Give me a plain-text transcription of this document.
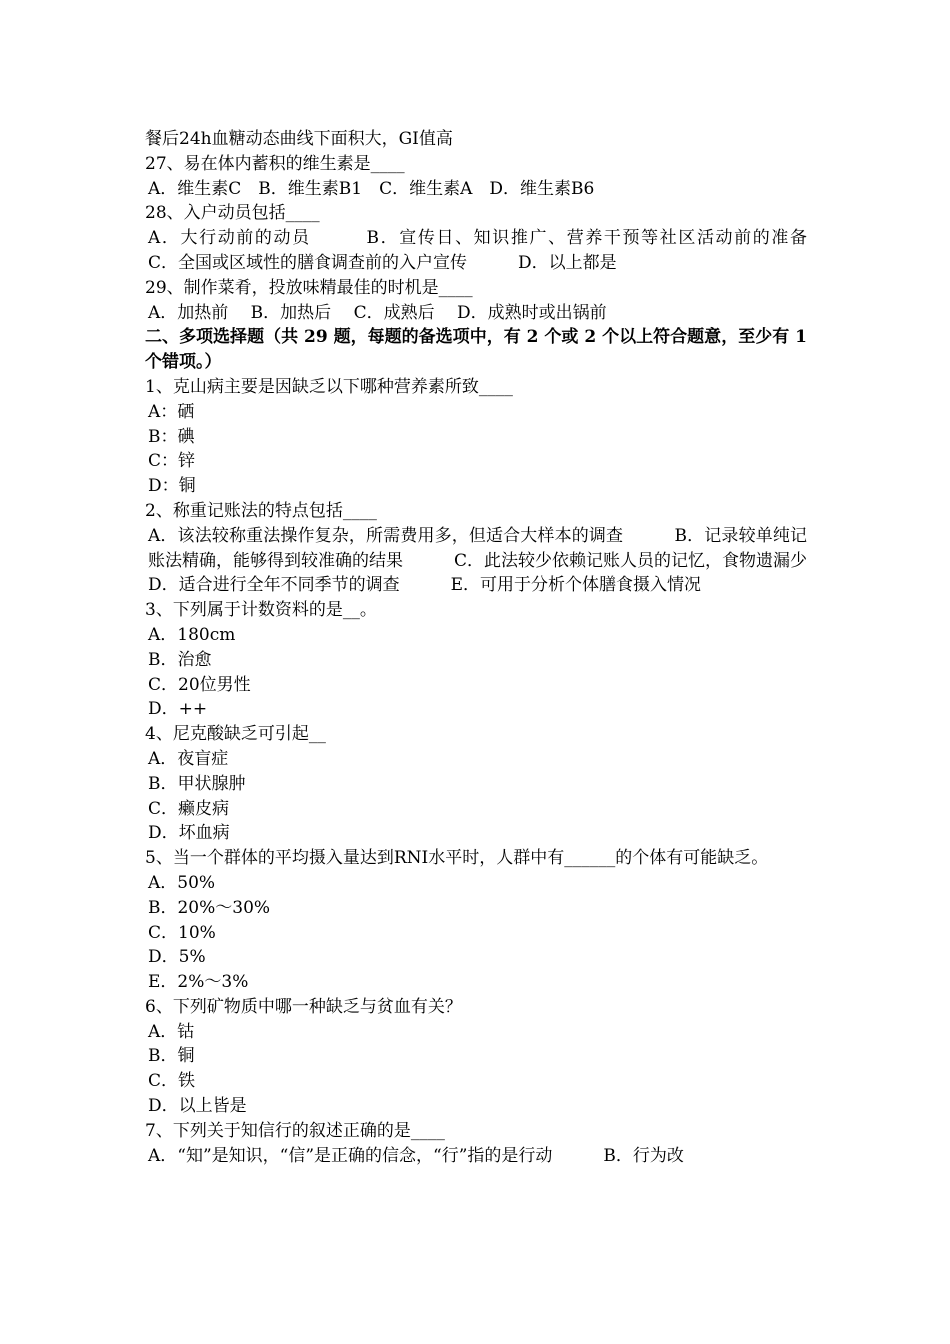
餐后24h血糖动态曲线下面积大，GI值高
27、易在体内蓄积的维生素是____
A．维生素C　B．维生素B1　C．维生素A　D．维生素B6
28、入户动员包括____
A．大行动前的动员　　　B．宣传日、知识推广、营养干预等社区活动前的准备　　　C．全国或区域性的膳食调查前的入户宣传　　　D．以上都是
29、制作菜肴，投放味精最佳的时机是____
A．加热前　 B．加热后　 C．成熟后　 D．成熟时或出锅前
二、多项选择题（共 29 题，每题的备选项中，有 2 个或 2 个以上符合题意，至少有 1 个错项。）
1、克山病主要是因缺乏以下哪种营养素所致____
A：硒
B：碘
C：锌
D：铜
2、称重记账法的特点包括____
A．该法较称重法操作复杂，所需费用多，但适合大样本的调查　　　B．记录较单纯记账法精确，能够得到较准确的结果　　　C．此法较少依赖记账人员的记忆，食物遗漏少　　　D．适合进行全年不同季节的调查　　　E．可用于分析个体膳食摄入情况
3、下列属于计数资料的是__。
A．180cm
B．治愈
C．20位男性
D．++
4、尼克酸缺乏可引起__
A．夜盲症
B．甲状腺肿
C．癞皮病
D．坏血病
5、当一个群体的平均摄入量达到RNI水平时，人群中有______的个体有可能缺乏。
A．50%
B．20%～30%
C．10%
D．5%
E．2%～3%
6、下列矿物质中哪一种缺乏与贫血有关？
A．钴
B．铜
C．铁
D．以上皆是
7、下列关于知信行的叙述正确的是____
A．“知”是知识，“信”是正确的信念，“行”指的是行动　　　B．行为改
